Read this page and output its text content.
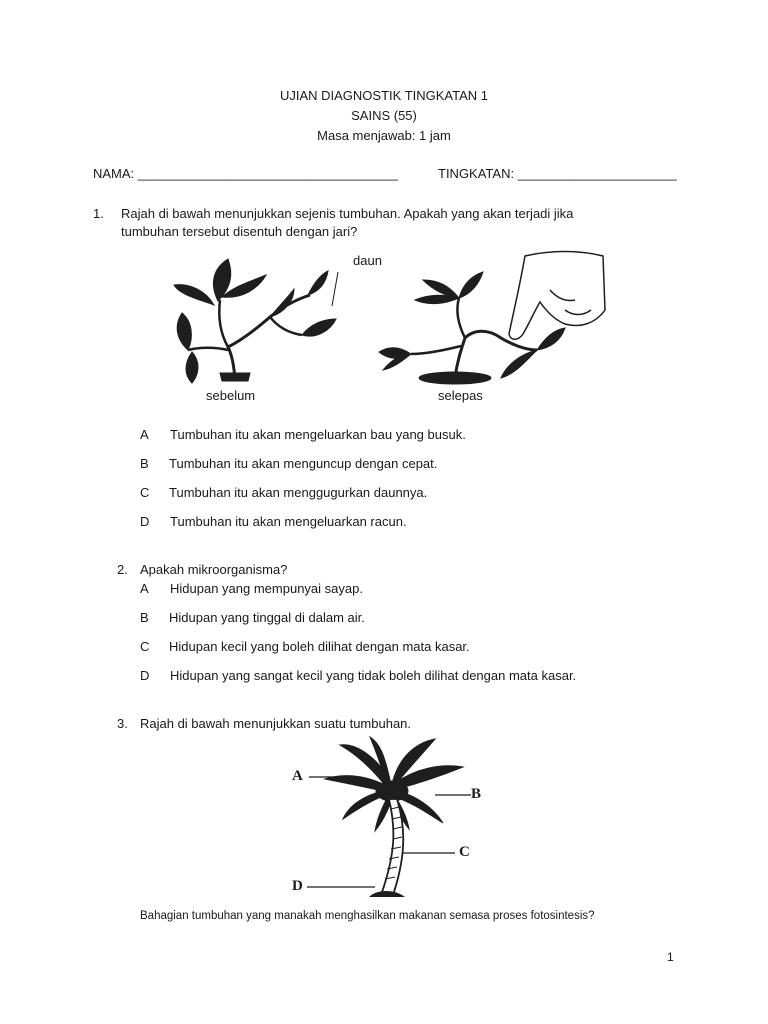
UJIAN DIAGNOSTIK TINGKATAN 1
SAINS (55)
Masa menjawab: 1 jam
NAMA: ____________________________________	TINGKATAN: ______________________
1. Rajah di bawah menunjukkan sejenis tumbuhan. Apakah yang akan terjadi jika
tumbuhan tersebut disentuh dengan jari?
daun
sebelum	selepas
A Tumbuhan itu akan mengeluarkan bau yang busuk.
B Tumbuhan itu akan menguncup dengan cepat.
C Tumbuhan itu akan menggugurkan daunnya.
D Tumbuhan itu akan mengeluarkan racun.
2. Apakah mikroorganisma?
A Hidupan yang mempunyai sayap.
B Hidupan yang tinggal di dalam air.
C Hidupan kecil yang boleh dilihat dengan mata kasar.
D Hidupan yang sangat kecil yang tidak boleh dilihat dengan mata kasar.
3. Rajah di bawah menunjukkan suatu tumbuhan.
A
B
C
D
Bahagian tumbuhan yang manakah menghasilkan makanan semasa proses fotosintesis?
1
